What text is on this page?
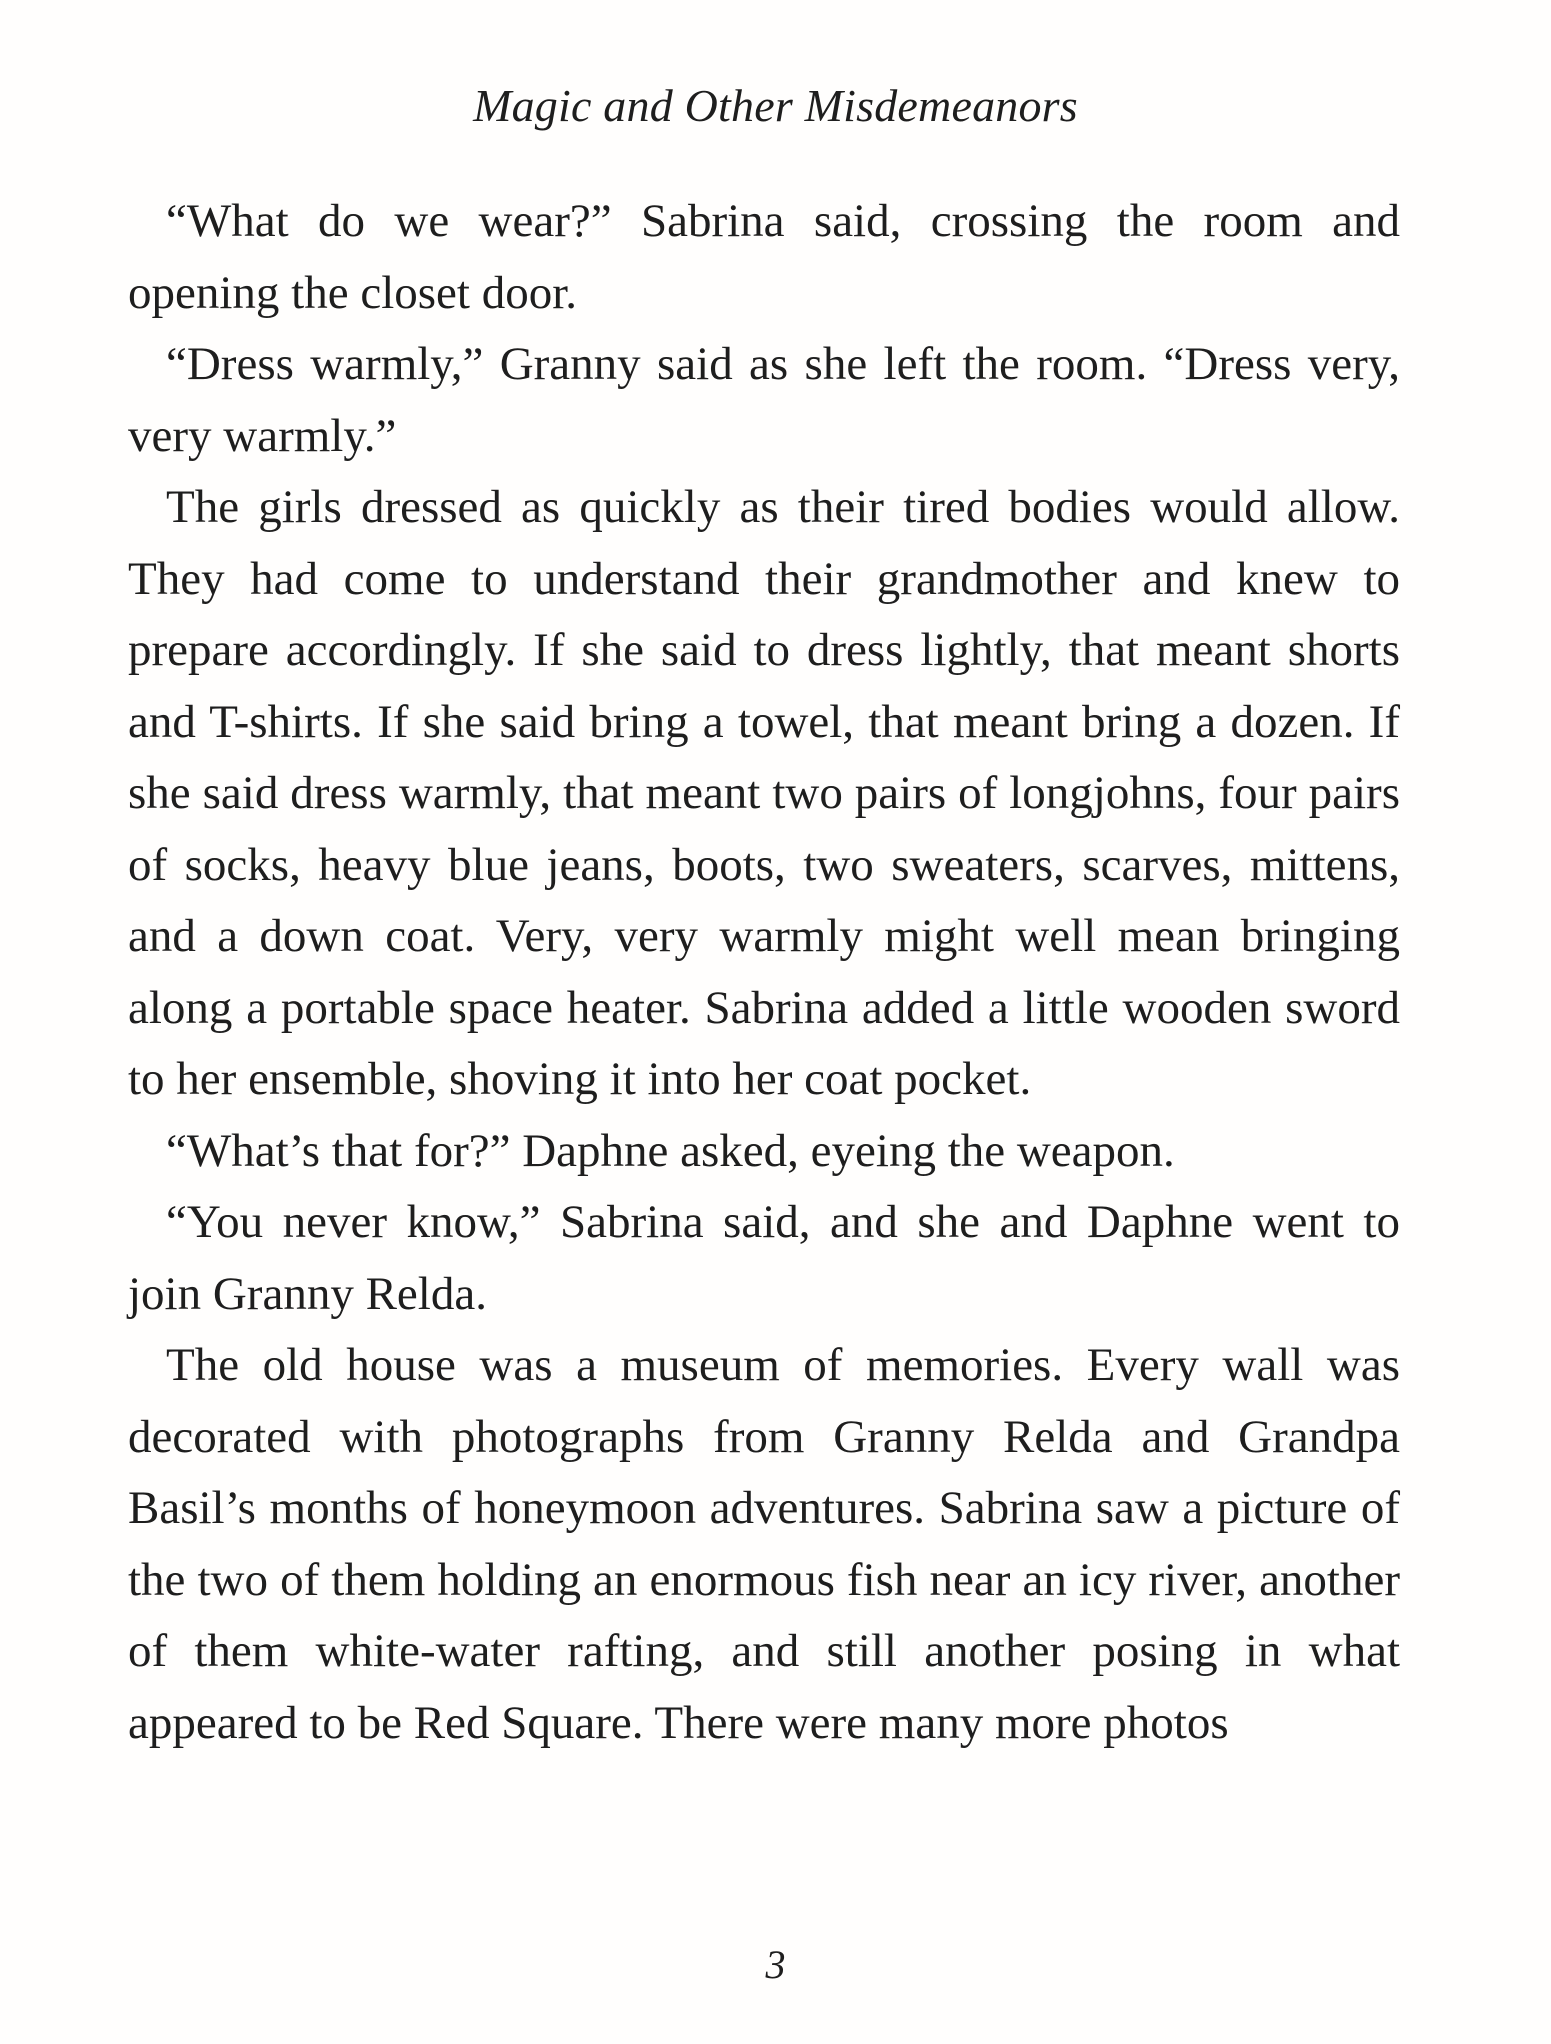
Magic and Other Misdemeanors

“What do we wear?” Sabrina said, crossing the room and opening the closet door.

“Dress warmly,” Granny said as she left the room. “Dress very, very warmly.”

The girls dressed as quickly as their tired bodies would allow. They had come to understand their grandmother and knew to prepare accordingly. If she said to dress lightly, that meant shorts and T-shirts. If she said bring a towel, that meant bring a dozen. If she said dress warmly, that meant two pairs of longjohns, four pairs of socks, heavy blue jeans, boots, two sweaters, scarves, mittens, and a down coat. Very, very warmly might well mean bringing along a portable space heater. Sabrina added a little wooden sword to her ensemble, shoving it into her coat pocket.

“What’s that for?” Daphne asked, eyeing the weapon.

“You never know,” Sabrina said, and she and Daphne went to join Granny Relda.

The old house was a museum of memories. Every wall was decorated with photographs from Granny Relda and Grandpa Basil’s months of honeymoon adventures. Sabrina saw a picture of the two of them holding an enormous fish near an icy river, another of them white-water rafting, and still another posing in what appeared to be Red Square. There were many more photos

3
